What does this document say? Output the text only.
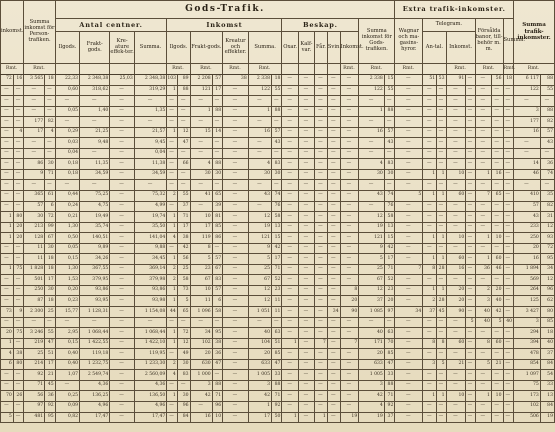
inkomst.		Summa inkomst för Person-trafiken.		Gods-Trafik.																		Extra trafik-inkomster.								Summa trafik-inkomster.	
				Antal centner.				Inkomst							Beskap.					Summa inkomst för Gods-trafiken.		Wagnar och ma-gasins-hyror.	Telegram.				Försålda banor, till-behör m. m.		Summa.		
				Ilgods.	Frakt-gods.	Kre-ature effek-ter.	Summa.	Ilgods.		Frakt-gods.		Kreatur och effekter.	Summa.		Oxar.	Kalf-var.	Får.	Svin.	Inkomst.				An-tal.		Inkomst.						
Rmt.		Rmt.						Rmt.		Rmt.		Rmt.	Rmt.						Rmt.	Rmt.		Rmt.			Rmt.		Rmt.		Rmt.	Rmt.	
72	16	3 565	18	22,33	2 348,38	25,03	2 348,38	103	89	2 208	57	38	2 338	18	—	—	—	—	—	2 338	15	—	51	53	91	—	—	56	18	6 117	88
—	—	—	—	0,60	318,62	—	319,29	1	88	121	17	—	122	55	—	—	—	—	—	122	55	—	—	—	—	—	—	—	—	122	55
—	—	—	—	—	—	—	—	—	—	—	—	—	—	—	—	—	—	—	—	—	—	—	—	—	—	—	—	—	—	—	—
—	—	—	—	0,05	1,40	—	1,35	—	—	1	88	—	1	88	—	—	—	—	—	1	88	—	—	—	—	—	—	—	—	3	88
—	—	177	82	—	—	—	—	—	—	—	—	—	—	—	—	—	—	—	—	—	—	—	—	—	—	—	—	—	—	177	82
—	4	17	4	0,29	21,25	—	21,57	1	12	15	14	—	16	57	—	—	—	—	—	16	57	—	—	—	—	—	—	—	—	16	57
—	—	—	—	0,03	9,48	—	9,45	—	47	—	—	—	—	43	—	—	—	—	—	—	43	—	—	—	—	—	—	—	—	—	43
—	—	—	—	0,04	—	—	0,04	—	—	—	—	—	—	—	—	—	—	—	—	—	—	—	—	—	—	—	—	—	—	—	—
—	—	86	30	0,18	11,35	—	11,38	—	66	4	88	—	4	83	—	—	—	—	—	4	83	—	—	—	—	—	—	—	—	14	36
—	—	9	71	0,18	34,59	—	34,59	—	—	30	30	—	30	30	—	—	—	—	—	30	30	—	1	1	10	—	1	16	—	46	74
—	—	—	—	—	—	—	—	—	—	—	—	—	—	—	—	—	—	—	—	—	—	—	—	—	—	—	—	—	—	—	—
—	—	365	61	0,44	75,25	—	75,32	2	55	41	65	—	43	74	—	—	—	—	—	43	74	5	1	1	60	—	7	65	—	410	35
—	—	57	6	0,24	4,75	—	4,99	—	37	—	39	—	—	76	—	—	—	—	—	—	76	—	—	—	—	—	—	—	—	57	82
1	80	30	72	0,21	19,49	—	19,74	1	71	10	81	—	12	58	—	—	—	—	—	12	58	—	—	—	—	—	—	—	—	43	31
1	20	213	99	1,30	35,74	—	35,50	1	17	17	85	—	19	13	—	—	—	—	—	19	13	—	—	—	—	—	—	—	—	233	12
1	20	128	67	0,50	140,51	—	141,04	4	38	119	86	—	121	15	—	—	—	—	—	121	15	—	1	1	10	—	1	10	—	250	93
—	—	11	30	0,05	9,89	—	9,88	—	42	8	—	—	9	42	—	—	—	—	—	9	42	—	—	—	—	—	—	—	—	20	72
—	—	11	18	0,15	34,26	—	34,45	1	56	5	57	—	5	17	—	—	—	—	—	5	17	—	1	1	60	—	1	60	—	16	95
1	75	1 828	18	1,30	367,55	—	369,14	2	25	23	67	—	25	71	—	—	—	—	—	25	71	7	8	28	16	—	36	46	—	1 894	34
—	—	501	17	1,53	379,95	—	379,98	2	58	67	83	—	67	52	—	—	—	—	—	67	52	—	—	—	—	—	—	—	—	569	12
—	—	250	30	0,20	93,86	—	93,86	1	73	10	57	—	12	23	—	—	—	—	8	12	23	—	1	1	20	—	2	20	—	264	96
—	—	87	18	0,23	93,95	—	93,98	1	5	11	6	—	12	11	—	—	—	—	20	37	20	—	2	28	20	—	3	40	—	125	62
73	9	2 300	25	15,77	1 128,31	—	1 154,08	44	65	1 096	58	—	1 051	11	—	—	—	34	90	1 085	97	34	37	45	90	—	40	42	—	3 427	80
—	—	—	—	—	—	—	—	—	—	—	—	—	—	—	—	—	—	—	—	—	—	—	—	—	—	5	40	5	40	3	85
20	75	3 246	55	2,95	1 068,44	—	1 068,44	1	72	34	95	—	40	63	—	—	—	—	—	40	63	—	—	—	—	—	—	—	—	294	18
1	—	219	47	0,15	1 422,55	—	1 422,10	1	12	102	38	—	104	51	1	—	7	—	7	171	70	—	8	8	60	—	8	60	—	394	40
4	38	25	51	0,40	119,18	—	119,95	—	49	20	36	—	20	85	—	—	—	—	—	20	85	—	—	—	—	—	—	—	—	478	37
6	80	214	17	0,40	1 232,75	—	1 233,30	2	30	630	47	—	633	47	—	—	—	—	—	633	47	—	3	5	21	—	5	21	—	854	84
—	—	92	21	1,07	2 549,74	—	2 560,09	4	83	1 000	—	—	1 005	33	—	—	—	—	—	1 005	33	—	—	—	—	—	—	—	—	1 097	54
—	—	71	45	—	4,36	—	4,36	—	—	3	88	—	3	88	—	—	—	—	—	3	88	—	—	—	—	—	—	—	—	75	33
70	26	56	36	0,25	136,25	—	136,50	1	30	42	71	—	42	71	—	—	—	—	—	42	71	—	1	1	10	—	1	10	—	173	13
—	—	97	92	0,09	4,96	—	4,96	—	96	—	96	—	1	92	—	—	—	—	—	4	92	—	—	—	—	—	—	—	—	102	84
5	—	481	95	0,82	17,47	—	17,47	—	84	16	10	—	17	50	1	—	1	—	19	19	37	—	—	—	—	—	—	—	—	506	19
